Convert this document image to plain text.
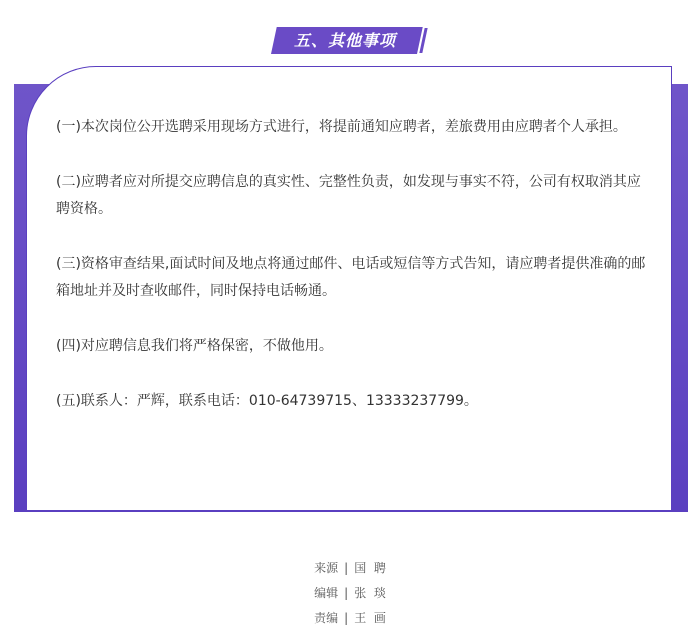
五、其他事项

(一)本次岗位公开选聘采用现场方式进行，将提前通知应聘者，差旅费用由应聘者个人承担。

(二)应聘者应对所提交应聘信息的真实性、完整性负责，如发现与事实不符，公司有权取消其应聘资格。

(三)资格审查结果,面试时间及地点将通过邮件、电话或短信等方式告知，请应聘者提供准确的邮箱地址并及时查收邮件，同时保持电话畅通。

(四)对应聘信息我们将严格保密，不做他用。

(五)联系人：严辉，联系电话：010-64739715、13333237799。

来源 | 国  聘
编辑 | 张  琰
责编 | 王  画
